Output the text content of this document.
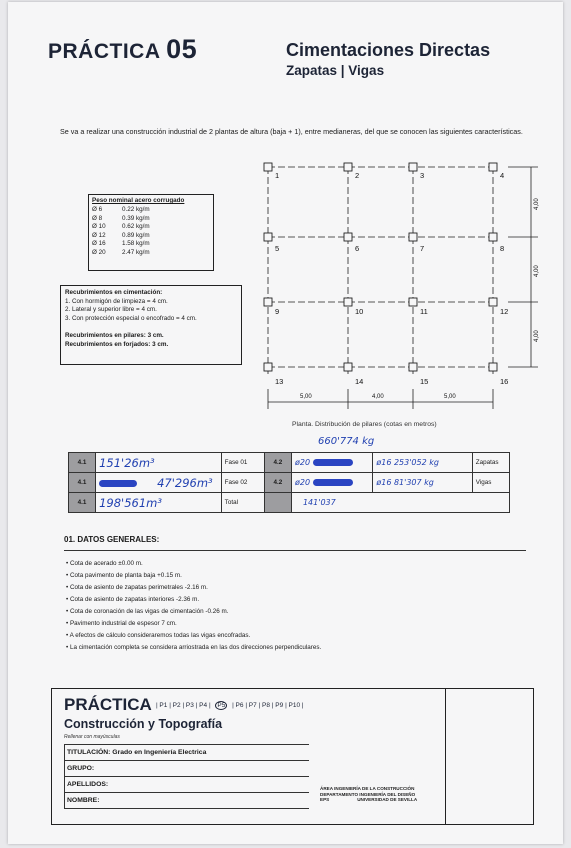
PRÁCTICA 05	Cimentaciones Directas
Zapatas | Vigas
Se va a realizar una construcción industrial de 2 plantas de altura (baja + 1), entre medianeras, del que se conocen las siguientes características.
Peso nominal acero corrugado
Ø 6	0.22 kg/m
Ø 8	0.39 kg/m
Ø 10	0.62 kg/m
Ø 12	0.89 kg/m
Ø 16	1.58 kg/m
Ø 20	2.47 kg/m
Recubrimientos en cimentación:
1. Con hormigón de limpieza = 4 cm.
2. Lateral y superior libre = 4 cm.
3. Con protección especial o encofrado = 4 cm.
Recubrimientos en pilares: 3 cm.
Recubrimientos en forjados: 3 cm.
1	2	3	4
5	6	7	8
9	10	11	12
13	14	15	16
5,00	4,00	5,00
4,00
4,00
4,00
Planta. Distribución de pilares (cotas en metros)
660'774 kg
4.1	151'26m³	Fase 01	4.2	ø20	ø16 253'052 kg	Zapatas
4.1	47'296m³	Fase 02	4.2	ø20	ø16 81'307 kg	Vigas
4.1	198'561m³	Total		141'037		
01. DATOS GENERALES:
• Cota de acerado ±0.00 m.
• Cota pavimento de planta baja +0.15 m.
• Cota de asiento de zapatas perimetrales -2.16 m.
• Cota de asiento de zapatas interiores -2.36 m.
• Cota de coronación de las vigas de cimentación -0.26 m.
• Pavimento industrial de espesor 7 cm.
• A efectos de cálculo consideraremos todas las vigas encofradas.
• La cimentación completa se considera arriostrada en las dos direcciones perpendiculares.
PRÁCTICA | P1 | P2 | P3 | P4 | P5 | P6 | P7 | P8 | P9 | P10 |
Construcción y Topografía
Rellenar con mayúsculas
TITULACIÓN: Grado en Ingeniería Electrica
GRUPO:
APELLIDOS:
NOMBRE:
ÁREA INGENIERÍA DE LA CONSTRUCCIÓN
DEPARTAMENTO INGENIERÍA DEL DISEÑO
EPS	UNIVERSIDAD DE SEVILLA
